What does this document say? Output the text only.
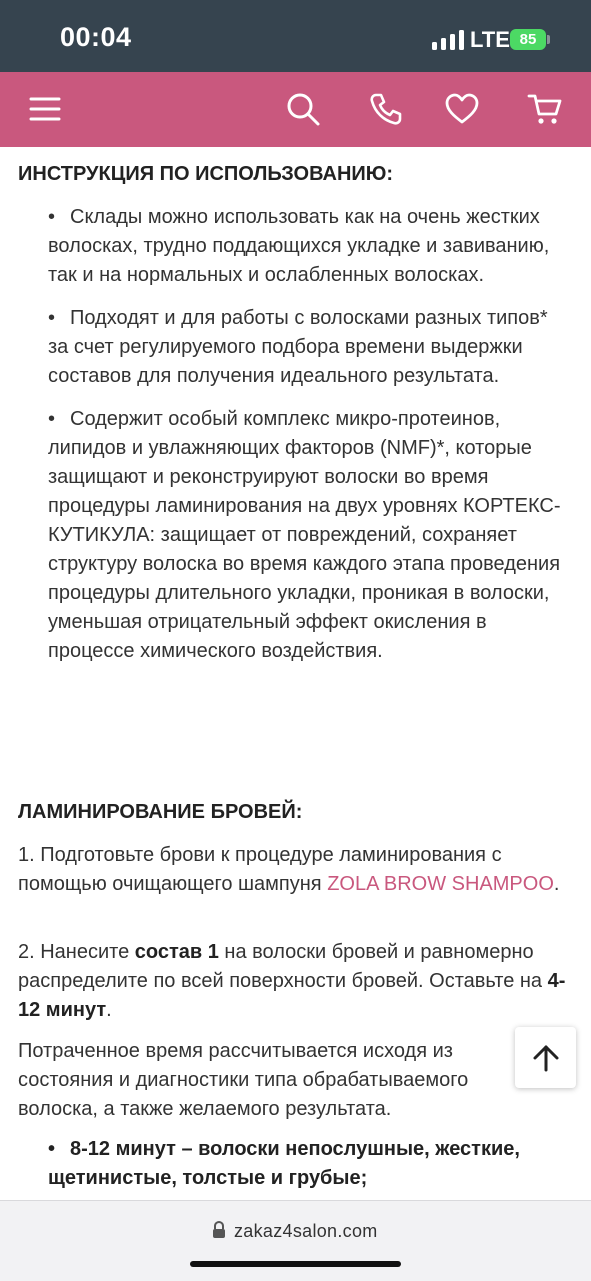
00:04	LTE 85
ИНСТРУКЦИЯ ПО ИСПОЛЬЗОВАНИЮ:
• Склады можно использовать как на очень жестких волосках, трудно поддающихся укладке и завиванию, так и на нормальных и ослабленных волосках.
• Подходят и для работы с волосками разных типов* за счет регулируемого подбора времени выдержки составов для получения идеального результата.
• Содержит особый комплекс микро-протеинов, липидов и увлажняющих факторов (NMF)*, которые защищают и реконструируют волоски во время процедуры ламинирования на двух уровнях КОРТЕКС-КУТИКУЛА: защищает от повреждений, сохраняет структуру волоска во время каждого этапа проведения процедуры длительного укладки, проникая в волоски, уменьшая отрицательный эффект окисления в процессе химического воздействия.
ЛАМИНИРОВАНИЕ БРОВЕЙ:

1. Подготовьте брови к процедуре ламинирования с помощью очищающего шампуня ZOLA BROW SHAMPOO.

2. Нанесите состав 1 на волоски бровей и равномерно распределите по всей поверхности бровей. Оставьте на 4-12 минут.

Потраченное время рассчитывается исходя из состояния и диагностики типа обрабатываемого волоска, а также желаемого результата.

• 8-12 минут – волоски непослушные, жесткие, щетинистые, толстые и грубые;
zakaz4salon.com
